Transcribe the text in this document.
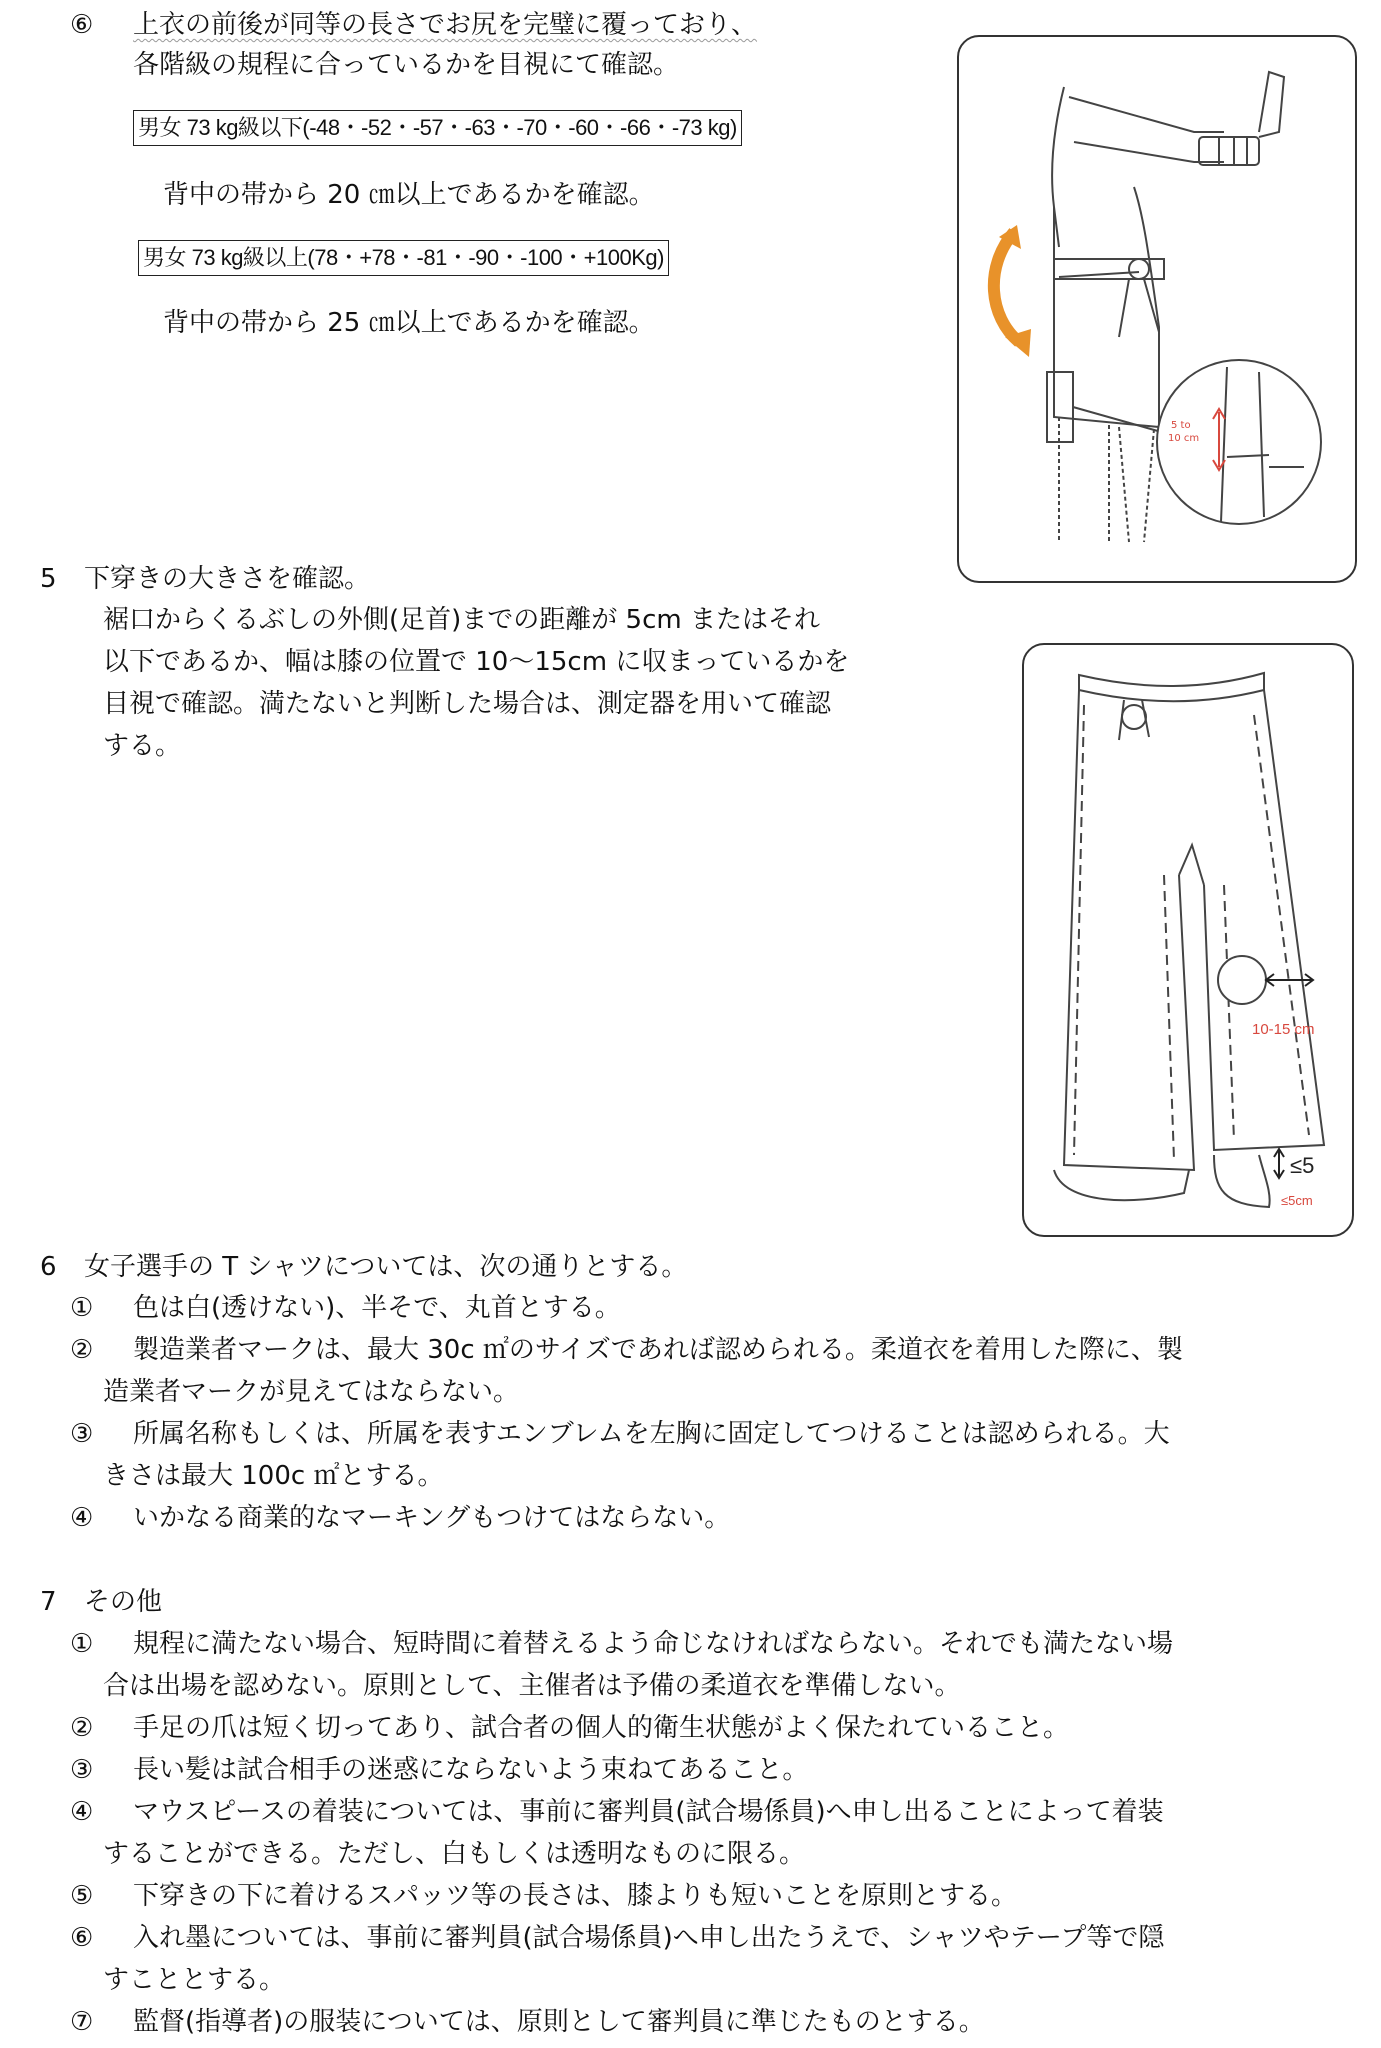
⑥ 上衣の前後が同等の長さでお尻を完璧に覆っており、
各階級の規程に合っているかを目視にて確認。
男女 73 kg級以下(-48・-52・-57・-63・-70・-60・-66・-73 kg)
背中の帯から 20 ㎝以上であるかを確認。
男女 73 kg級以上(78・+78・-81・-90・-100・+100Kg)
背中の帯から 25 ㎝以上であるかを確認。
5 to
10 cm
5 下穿きの大きさを確認。
裾口からくるぶしの外側(足首)までの距離が 5cm またはそれ
以下であるか、幅は膝の位置で 10～15cm に収まっているかを
目視で確認。満たないと判断した場合は、測定器を用いて確認
する。
10-15 cm
≤5
≤5cm
6 女子選手の T シャツについては、次の通りとする。
① 色は白(透けない)、半そで、丸首とする。
② 製造業者マークは、最大 30c ㎡のサイズであれば認められる。柔道衣を着用した際に、製
造業者マークが見えてはならない。
③ 所属名称もしくは、所属を表すエンブレムを左胸に固定してつけることは認められる。大
きさは最大 100c ㎡とする。
④ いかなる商業的なマーキングもつけてはならない。
7 その他
① 規程に満たない場合、短時間に着替えるよう命じなければならない。それでも満たない場
合は出場を認めない。原則として、主催者は予備の柔道衣を準備しない。
② 手足の爪は短く切ってあり、試合者の個人的衛生状態がよく保たれていること。
③ 長い髪は試合相手の迷惑にならないよう束ねてあること。
④ マウスピースの着装については、事前に審判員(試合場係員)へ申し出ることによって着装
することができる。ただし、白もしくは透明なものに限る。
⑤ 下穿きの下に着けるスパッツ等の長さは、膝よりも短いことを原則とする。
⑥ 入れ墨については、事前に審判員(試合場係員)へ申し出たうえで、シャツやテープ等で隠
すこととする。
⑦ 監督(指導者)の服装については、原則として審判員に準じたものとする。
